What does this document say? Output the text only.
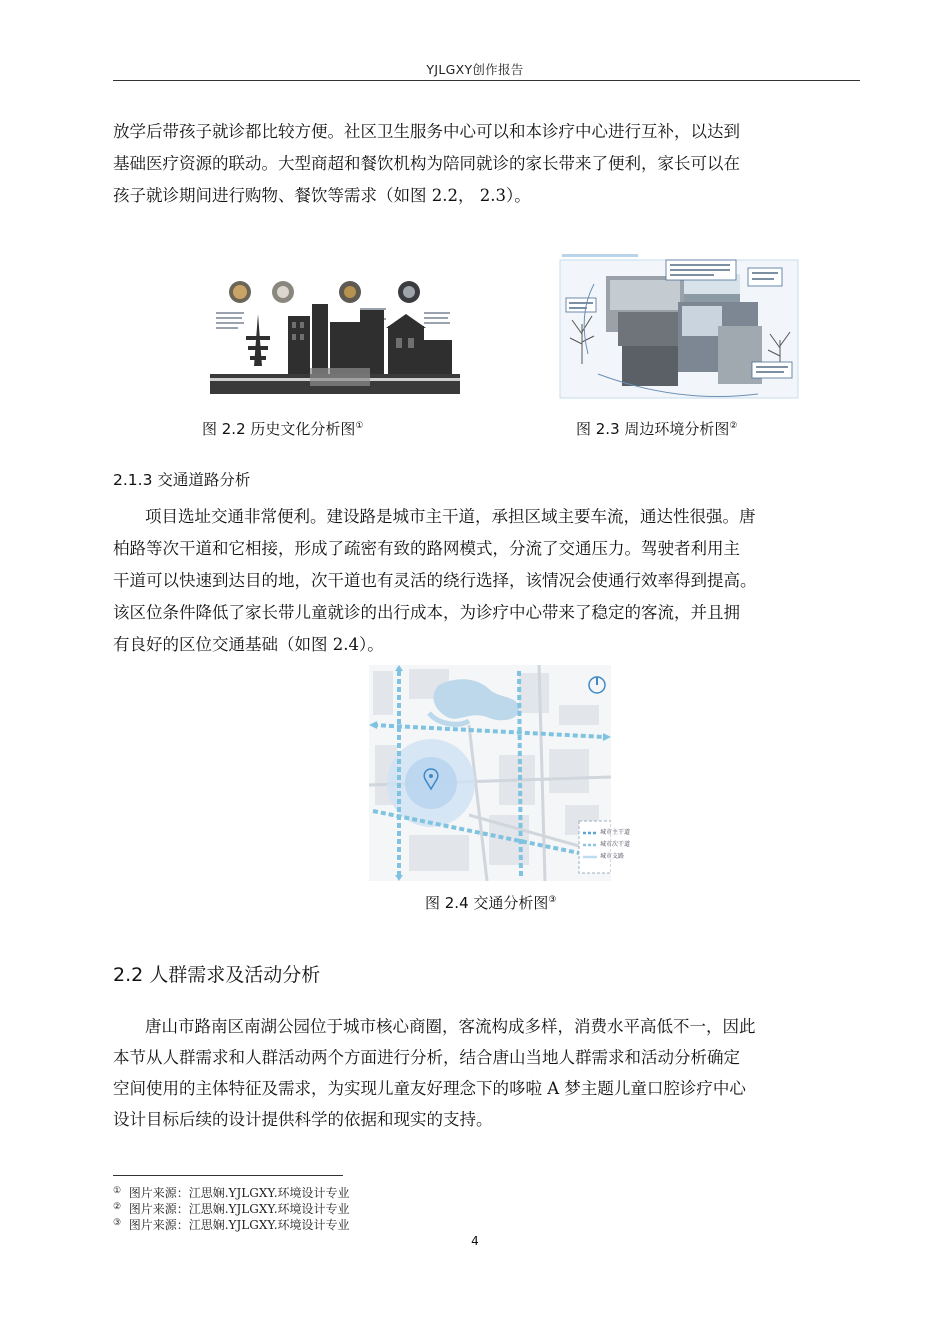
YJLGXY创作报告
放学后带孩子就诊都比较方便。社区卫生服务中心可以和本诊疗中心进行互补，以达到
基础医疗资源的联动。大型商超和餐饮机构为陪同就诊的家长带来了便利，家长可以在
孩子就诊期间进行购物、餐饮等需求（如图 2.2， 2.3）。
图 2.2 历史文化分析图①	图 2.3 周边环境分析图②
2.1.3 交通道路分析
项目选址交通非常便利。建设路是城市主干道，承担区域主要车流，通达性很强。唐
柏路等次干道和它相接，形成了疏密有致的路网模式，分流了交通压力。驾驶者利用主
干道可以快速到达目的地，次干道也有灵活的绕行选择，该情况会使通行效率得到提高。
该区位条件降低了家长带儿童就诊的出行成本，为诊疗中心带来了稳定的客流，并且拥
有良好的区位交通基础（如图 2.4）。
城市主干道
城市次干道
城市支路
图 2.4 交通分析图③
2.2 人群需求及活动分析
唐山市路南区南湖公园位于城市核心商圈，客流构成多样，消费水平高低不一，因此
本节从人群需求和人群活动两个方面进行分析，结合唐山当地人群需求和活动分析确定
空间使用的主体特征及需求，为实现儿童友好理念下的哆啦 A 梦主题儿童口腔诊疗中心
设计目标后续的设计提供科学的依据和现实的支持。
① 图片来源：江思娴.YJLGXY.环境设计专业
② 图片来源：江思娴.YJLGXY.环境设计专业
③ 图片来源：江思娴.YJLGXY.环境设计专业
4
